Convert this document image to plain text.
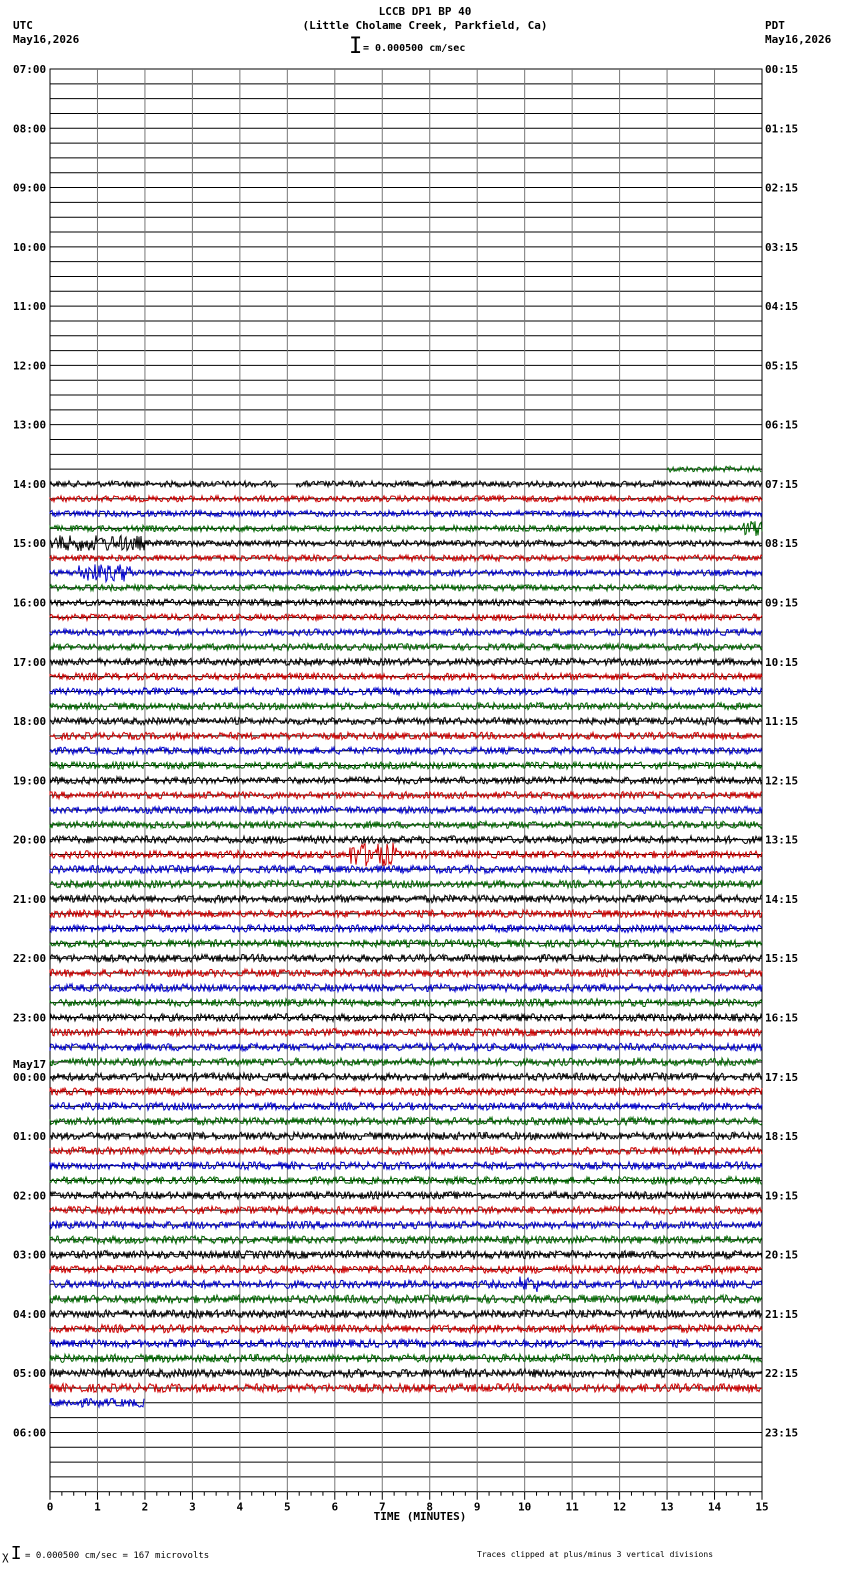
0	1	2	3	4	5	6	7	8	9	10	11	12	13	14	15
07:00
08:00
09:00
10:00
11:00
12:00
13:00
14:00
15:00
16:00
17:00
18:00
19:00
20:00
21:00
22:00
23:00
00:00
May17
01:00
02:00
03:00
04:00
05:00
06:00
00:15
01:15
02:15
03:15
04:15
05:15
06:15
07:15
08:15
09:15
10:15
11:15
12:15
13:15
14:15
15:15
16:15
17:15
18:15
19:15
20:15
21:15
22:15
23:15
LCCB DP1 BP 40
(Little Cholame Creek, Parkfield, Ca)
I = 0.000500 cm/sec
UTC
May16,2026
PDT
May16,2026
TIME (MINUTES)
ᵪI = 0.000500 cm/sec = 167 microvolts	Traces clipped at plus/minus 3 vertical divisions
